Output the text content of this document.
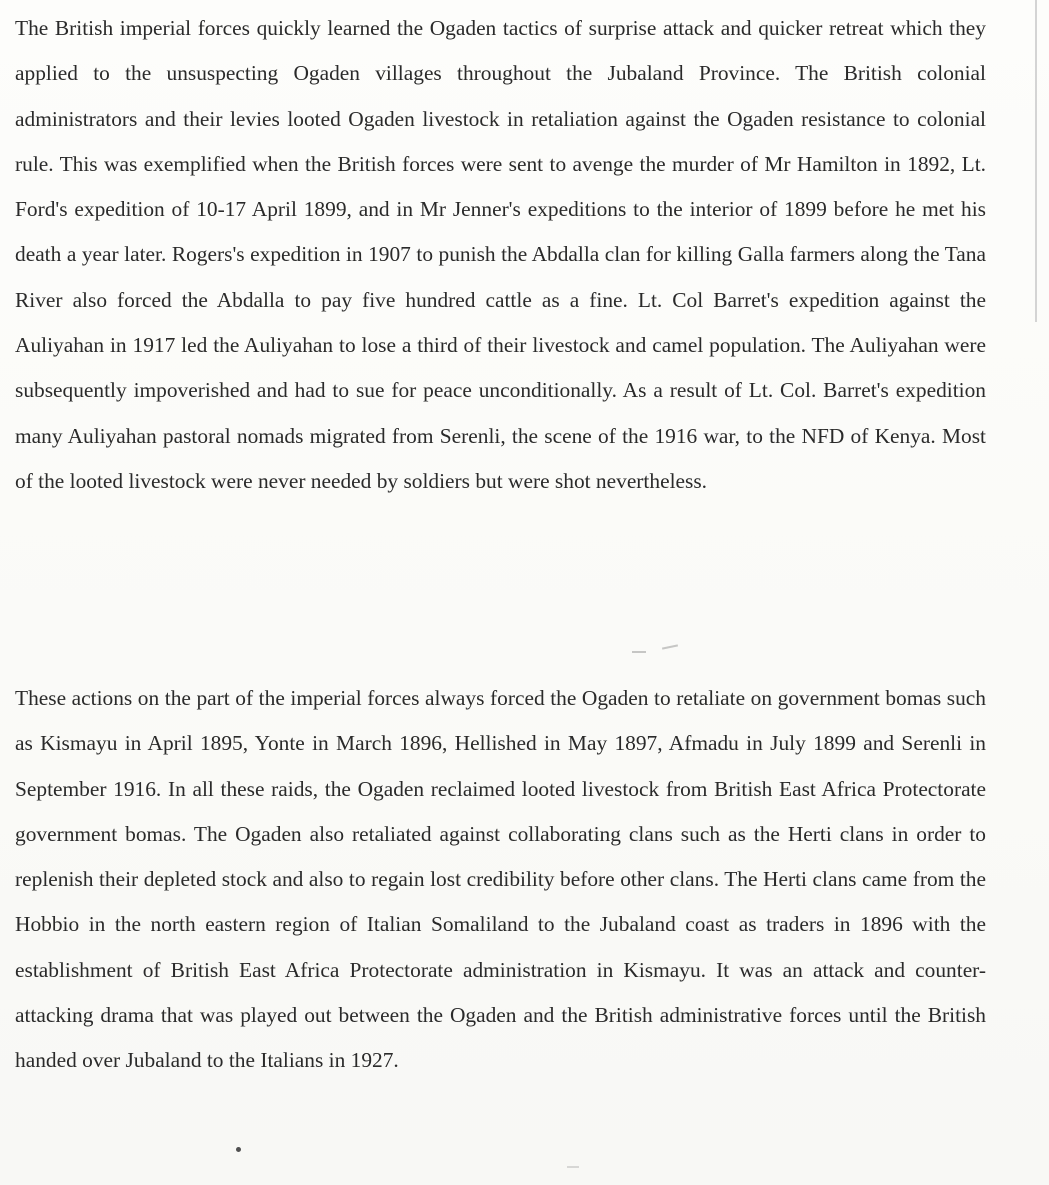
The British imperial forces quickly learned the Ogaden tactics of surprise attack and quicker retreat which they applied to the unsuspecting Ogaden villages throughout the Jubaland Province. The British colonial administrators and their levies looted Ogaden livestock in retaliation against the Ogaden resistance to colonial rule. This was exemplified when the British forces were sent to avenge the murder of Mr Hamilton in 1892, Lt. Ford's expedition of 10-17 April 1899, and in Mr Jenner's expeditions to the interior of 1899 before he met his death a year later. Rogers's expedition in 1907 to punish the Abdalla clan for killing Galla farmers along the Tana River also forced the Abdalla to pay five hundred cattle as a fine. Lt. Col Barret's expedition against the Auliyahan in 1917 led the Auliyahan to lose a third of their livestock and camel population. The Auliyahan were subsequently impoverished and had to sue for peace unconditionally. As a result of Lt. Col. Barret's expedition many Auliyahan pastoral nomads migrated from Serenli, the scene of the 1916 war, to the NFD of Kenya. Most of the looted livestock were never needed by soldiers but were shot nevertheless.

These actions on the part of the imperial forces always forced the Ogaden to retaliate on government bomas such as Kismayu in April 1895, Yonte in March 1896, Hellished in May 1897, Afmadu in July 1899 and Serenli in September 1916. In all these raids, the Ogaden reclaimed looted livestock from British East Africa Protectorate government bomas. The Ogaden also retaliated against collaborating clans such as the Herti clans in order to replenish their depleted stock and also to regain lost credibility before other clans. The Herti clans came from the Hobbio in the north eastern region of Italian Somaliland to the Jubaland coast as traders in 1896 with the establishment of British East Africa Protectorate administration in Kismayu. It was an attack and counter-attacking drama that was played out between the Ogaden and the British administrative forces until the British handed over Jubaland to the Italians in 1927.
